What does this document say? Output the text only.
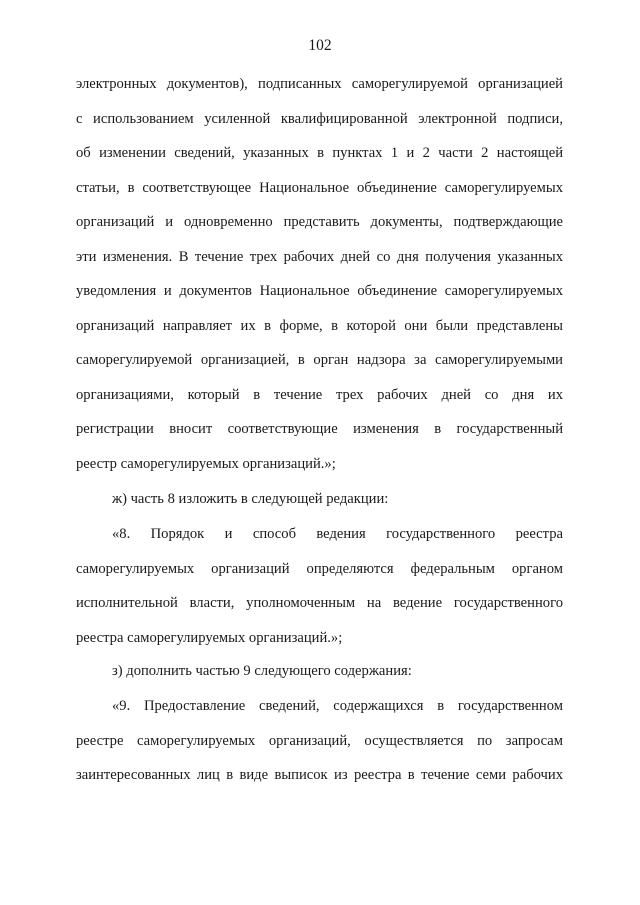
102
электронных документов), подписанных саморегулируемой организацией
с использованием усиленной квалифицированной электронной подписи,
об изменении сведений, указанных в пунктах 1 и 2 части 2 настоящей
статьи, в соответствующее Национальное объединение саморегулируемых
организаций и одновременно представить документы, подтверждающие
эти изменения. В течение трех рабочих дней со дня получения указанных
уведомления и документов Национальное объединение саморегулируемых
организаций направляет их в форме, в которой они были представлены
саморегулируемой организацией, в орган надзора за саморегулируемыми
организациями, который в течение трех рабочих дней со дня их
регистрации вносит соответствующие изменения в государственный
реестр саморегулируемых организаций.»;
ж) часть 8 изложить в следующей редакции:
«8. Порядок и способ ведения государственного реестра
саморегулируемых организаций определяются федеральным органом
исполнительной власти, уполномоченным на ведение государственного
реестра саморегулируемых организаций.»;
з) дополнить частью 9 следующего содержания:
«9. Предоставление сведений, содержащихся в государственном
реестре саморегулируемых организаций, осуществляется по запросам
заинтересованных лиц в виде выписок из реестра в течение семи рабочих
